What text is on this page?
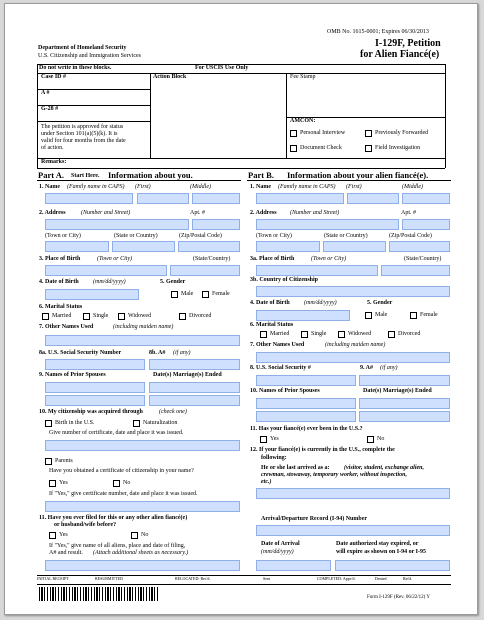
OMB No. 1615-0001; Expires 06/30/2013
I-129F, Petition
for Alien Fiancé(e)
Department of Homeland Security
U.S. Citizenship and Immigration Services
Do not write in these blocks.	For USCIS Use Only
Case ID #	Action Block	Fee Stamp
A #
G-28 #
The petition is approved for status
under Section 101(a)(5)(k). It is
valid for four months from the date
of action.
AMCON:
Personal Interview	Previously Forwarded
Document Check	Field Investigation
Remarks:
Part A. Start Here. Information about you.
1. Name (Family name in CAPS) (First)	(Middle)
2. Address	(Number and Street)	Apt. #
(Town or City)	(State or Country)	(Zip/Postal Code)
3. Place of Birth	(Town or City)	(State/Country)
4. Date of Birth (mm/dd/yyyy)	5. Gender
Male	Female
6. Marital Status
Married	Single	Widowed	Divorced
7. Other Names Used	(including maiden name)
8a. U.S. Social Security Number	8b. A# (if any)
9. Names of Prior Spouses	Date(s) Marriage(s) Ended
10. My citizenship was acquired through	(check one)
Birth in the U.S.	Naturalization
Give number of certificate, date and place it was issued.
Parents
Have you obtained a certificate of citizenship in your name?
Yes	No
If "Yes," give certificate number, date and place it was issued.
11. Have you ever filed for this or any other alien fiancé(e)
or husband/wife before?
Yes	No
If "Yes," give name of all aliens, place and date of filing,
A# and result. (Attach additional sheets as necessary.)
Part B. Information about your alien fiancé(e).
1. Name (Family name in CAPS) (First)	(Middle)
2. Address (Number and Street)	Apt. #
(Town or City)	(State or Country)	(Zip/Postal Code)
3a. Place of Birth	(Town or City)	(State/Country)
3b. Country of Citizenship
4. Date of Birth (mm/dd/yyyy)	5. Gender
Male	Female
6. Marital Status
Married	Single	Widowed	Divorced
7. Other Names Used	(including maiden name)
8. U.S. Social Security #	9. A# (if any)
10. Names of Prior Spouses	Date(s) Marriage(s) Ended
11. Has your fiancé(e) ever been in the U.S.?
Yes	No
12. If your fiancé(e) is currently in the U.S., complete the
following:
He or she last arrived as a: (visitor, student, exchange alien,
crewman, stowaway, temporary worker, without inspection,
etc.)
Arrival/Departure Record (I-94) Number
Date of Arrival
(mm/dd/yyyy)
Date authorized stay expired, or
will expire as shown on I-94 or I-95
INITIAL RECEIPT	RESUBMITTED	RELOCATED: Rec'd.	Sent	COMPLETED: Appv'd.	Denied	Ret'd.
Form I-129F (Rev. 06/22/12) Y
